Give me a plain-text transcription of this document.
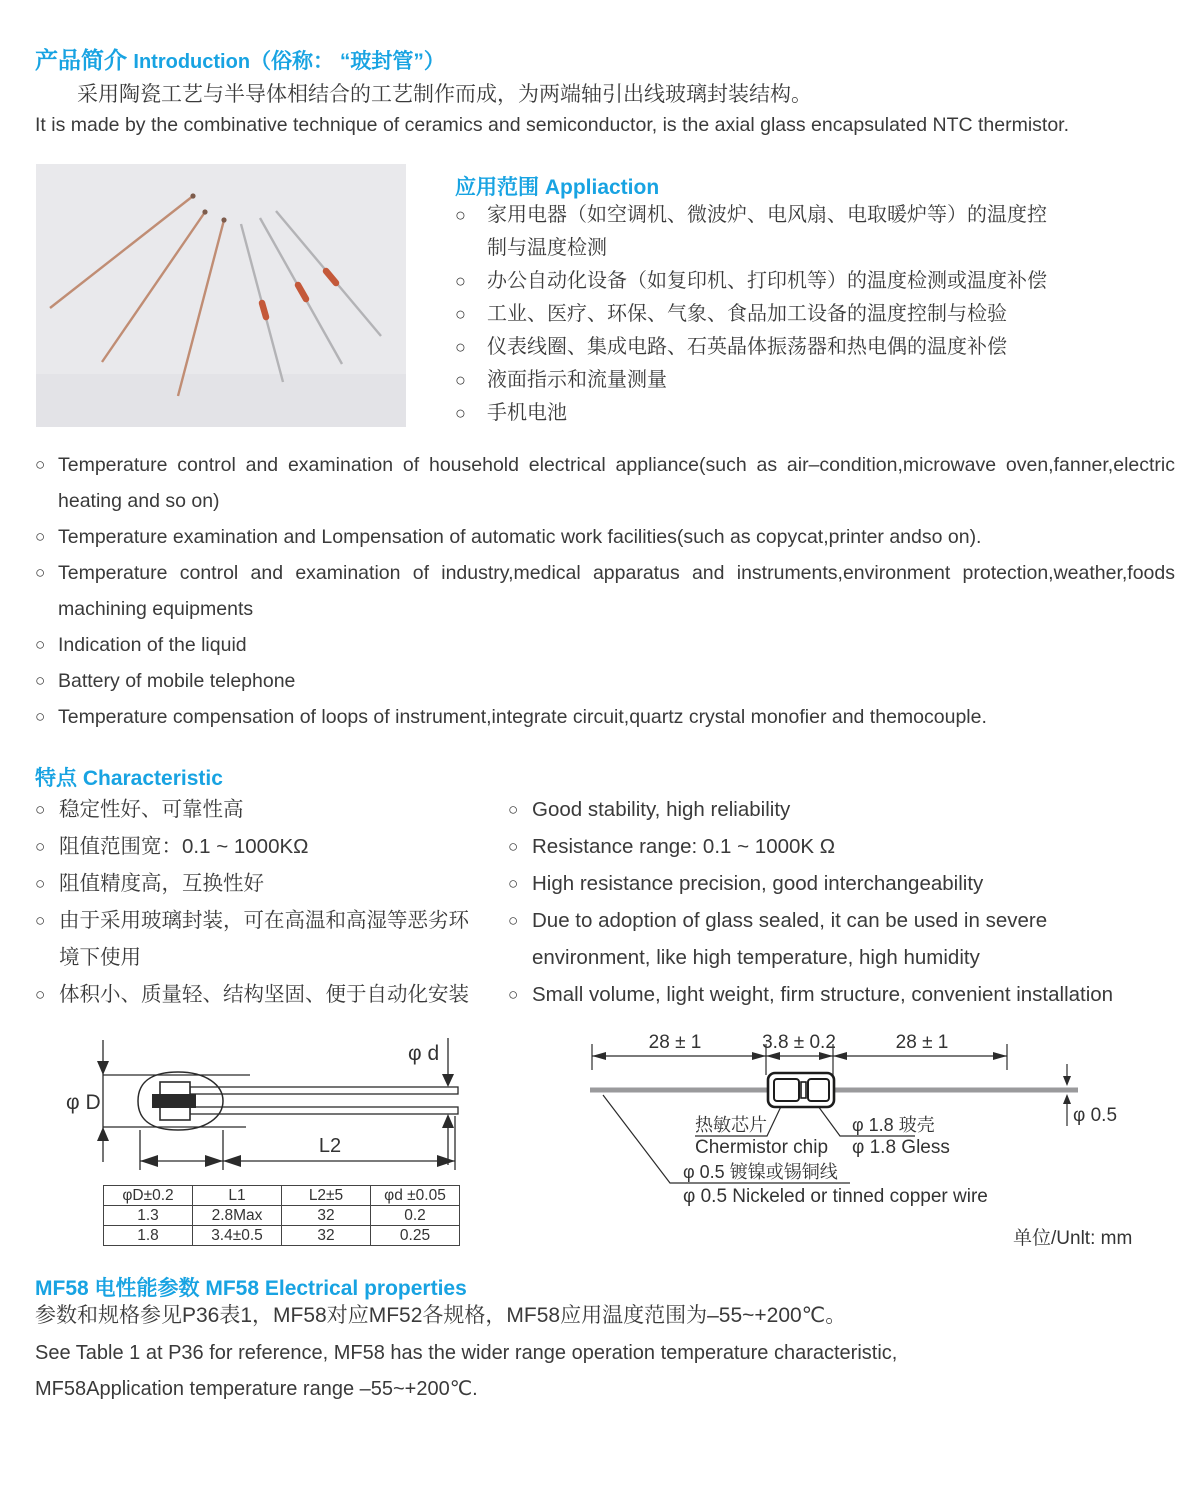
产品简介 Introduction（俗称： “玻封管”）
采用陶瓷工艺与半导体相结合的工艺制作而成，为两端轴引出线玻璃封装结构。
It is made by the combinative technique of ceramics and semiconductor, is the axial glass encapsulated NTC thermistor.
应用范围 Appliaction
○ 家用电器（如空调机、微波炉、电风扇、电取暖炉等）的温度控制与温度检测
○ 办公自动化设备（如复印机、打印机等）的温度检测或温度补偿
○ 工业、医疗、环保、气象、食品加工设备的温度控制与检验
○ 仪表线圈、集成电路、石英晶体振荡器和热电偶的温度补偿
○ 液面指示和流量测量
○ 手机电池
○ Temperature control and examination of household electrical appliance(such as air–condition,microwave oven,fanner,electric heating and so on)
○ Temperature examination and Lompensation of automatic work facilities(such as copycat,printer andso on).
○ Temperature control and examination of industry,medical apparatus and instruments,environment protection,weather,foods machining equipments
○ Indication of the liquid
○ Battery of mobile telephone
○ Temperature compensation of loops of instrument,integrate circuit,quartz crystal monofier and themocouple.
特点 Characteristic
○ 稳定性好、可靠性高
○ 阻值范围宽：0.1 ~ 1000KΩ
○ 阻值精度高，互换性好
○ 由于采用玻璃封装，可在高温和高湿等恶劣环境下使用
○ 体积小、质量轻、结构坚固、便于自动化安装
○ Good stability, high reliability
○ Resistance range: 0.1 ~ 1000K Ω
○ High resistance precision, good interchangeability
○ Due to adoption of glass sealed, it can be used in severe environment, like high temperature, high humidity
○ Small volume, light weight, firm structure, convenient installation
φ D
φ d
L2
φD±0.2	L1	L2±5	φd ±0.05
1.3	2.8Max	32	0.2
1.8	3.4±0.5	32	0.25
28 ± 1	3.8 ± 0.2	28 ± 1
φ 0.5
热敏芯片
Chermistor chip
φ 1.8 玻壳
φ 1.8 Gless
φ 0.5 镀镍或锡铜线
φ 0.5 Nickeled or tinned copper wire
单位/Unlt: mm
MF58 电性能参数 MF58 Electrical properties
参数和规格参见P36表1，MF58对应MF52各规格，MF58应用温度范围为–55~+200℃。
See Table 1 at P36 for reference, MF58 has the wider range operation temperature characteristic,
MF58Application temperature range –55~+200℃.
